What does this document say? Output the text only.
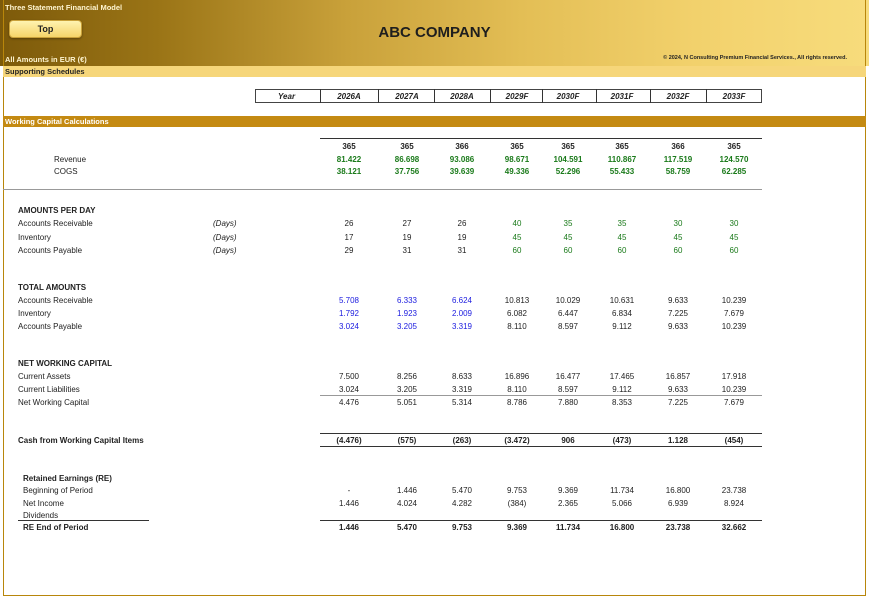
Three Statement Financial Model
Top	ABC COMPANY
All Amounts in EUR (€)	© 2024, N Consulting Premium Financial Services., All rights reserved.
Supporting Schedules
Year	2026A	2027A	2028A	2029F	2030F	2031F	2032F	2033F
Working Capital Calculations
365	365	366	365	365	365	366	365
Revenue	81.422	86.698	93.086	98.671	104.591	110.867	117.519	124.570
COGS	38.121	37.756	39.639	49.336	52.296	55.433	58.759	62.285
AMOUNTS PER DAY
Accounts Receivable	(Days)	26	27	26	40	35	35	30	30
Inventory	(Days)	17	19	19	45	45	45	45	45
Accounts Payable	(Days)	29	31	31	60	60	60	60	60
TOTAL AMOUNTS
Accounts Receivable	5.708	6.333	6.624	10.813	10.029	10.631	9.633	10.239
Inventory	1.792	1.923	2.009	6.082	6.447	6.834	7.225	7.679
Accounts Payable	3.024	3.205	3.319	8.110	8.597	9.112	9.633	10.239
NET WORKING CAPITAL
Current Assets	7.500	8.256	8.633	16.896	16.477	17.465	16.857	17.918
Current Liabilities	3.024	3.205	3.319	8.110	8.597	9.112	9.633	10.239
Net Working Capital	4.476	5.051	5.314	8.786	7.880	8.353	7.225	7.679
Cash from Working Capital Items	(4.476)	(575)	(263)	(3.472)	906	(473)	1.128	(454)
Retained Earnings (RE)
Beginning of Period	-	1.446	5.470	9.753	9.369	11.734	16.800	23.738
Net Income	1.446	4.024	4.282	(384)	2.365	5.066	6.939	8.924
Dividends
RE End of Period	1.446	5.470	9.753	9.369	11.734	16.800	23.738	32.662
